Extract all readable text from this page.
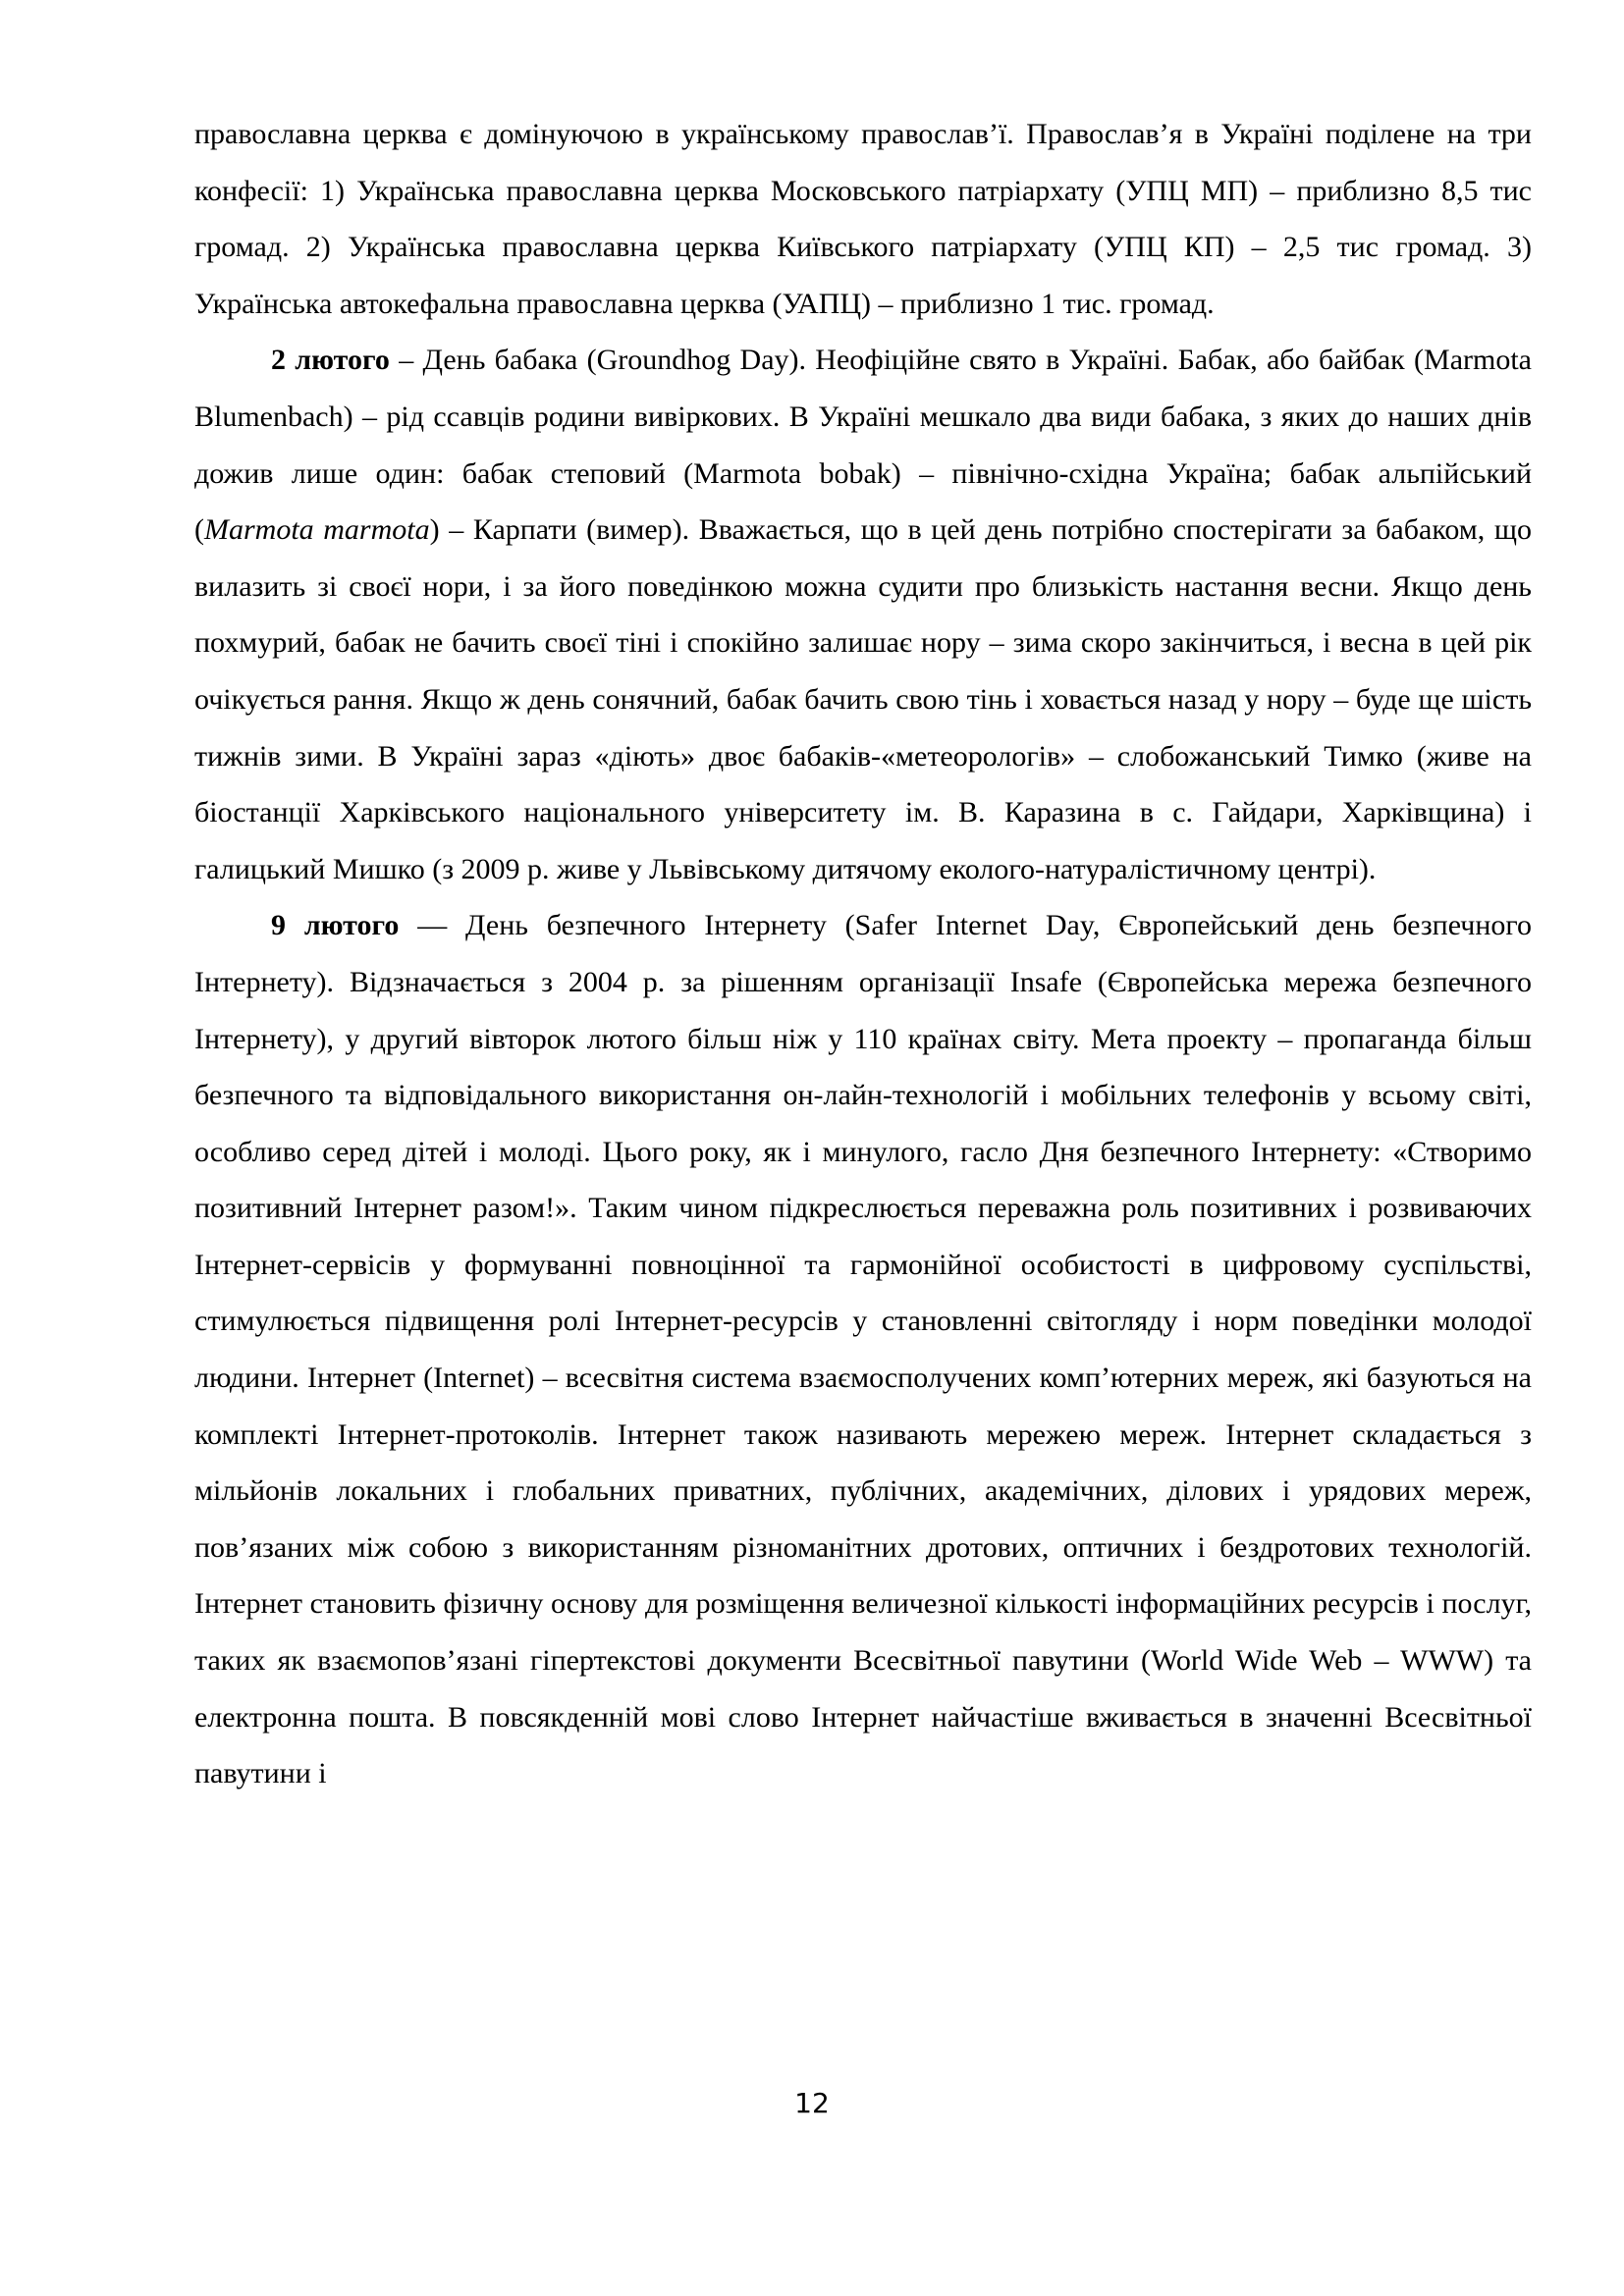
православна церква є домінуючою в українському православ’ї. Православ’я в Україні поділене на три конфесії: 1) Українська православна церква Московського патріархату (УПЦ МП) – приблизно 8,5 тис громад. 2) Українська православна церква Київського патріархату (УПЦ КП) – 2,5 тис громад. 3) Українська автокефальна православна церква (УАПЦ) – приблизно 1 тис. громад.

2 лютого – День бабака (Groundhog Day). Неофіційне свято в Україні. Бабак, або байбак (Marmota Blumenbach) – рід ссавців родини вивіркових. В Україні мешкало два види бабака, з яких до наших днів дожив лише один: бабак степовий (Marmota bobak) – північно-східна Україна; бабак альпійський (Marmota marmota) – Карпати (вимер). Вважається, що в цей день потрібно спостерігати за бабаком, що вилазить зі своєї нори, і за його поведінкою можна судити про близькість настання весни. Якщо день похмурий, бабак не бачить своєї тіні і спокійно залишає нору – зима скоро закінчиться, і весна в цей рік очікується рання. Якщо ж день сонячний, бабак бачить свою тінь і ховається назад у нору – буде ще шість тижнів зими. В Україні зараз «діють» двоє бабаків-«метеорологів» – слобожанський Тимко (живе на біостанції Харківського національного університету ім. В. Каразина в с. Гайдари, Харківщина) і галицький Мишко (з 2009 р. живе у Львівському дитячому еколого-натуралістичному центрі).

9 лютого — День безпечного Інтернету (Safer Internet Day, Європейський день безпечного Інтернету). Відзначається з 2004 р. за рішенням організації Insafe (Європейська мережа безпечного Інтернету), у другий вівторок лютого більш ніж у 110 країнах світу. Мета проекту – пропаганда більш безпечного та відповідального використання он-лайн-технологій і мобільних телефонів у всьому світі, особливо серед дітей і молоді. Цього року, як і минулого, гасло Дня безпечного Інтернету: «Створимо позитивний Інтернет разом!». Таким чином підкреслюється переважна роль позитивних і розвиваючих Інтернет-сервісів у формуванні повноцінної та гармонійної особистості в цифровому суспільстві, стимулюється підвищення ролі Інтернет-ресурсів у становленні світогляду і норм поведінки молодої людини. Інтернет (Internet) – всесвітня система взаємосполучених комп’ютерних мереж, які базуються на комплекті Інтернет-протоколів. Інтернет також називають мережею мереж. Інтернет складається з мільйонів локальних і глобальних приватних, публічних, академічних, ділових і урядових мереж, пов’язаних між собою з використанням різноманітних дротових, оптичних і бездротових технологій. Інтернет становить фізичну основу для розміщення величезної кількості інформаційних ресурсів і послуг, таких як взаємопов’язані гіпертекстові документи Всесвітньої павутини (World Wide Web – WWW) та електронна пошта. В повсякденній мові слово Інтернет найчастіше вживається в значенні Всесвітньої павутини і

12
